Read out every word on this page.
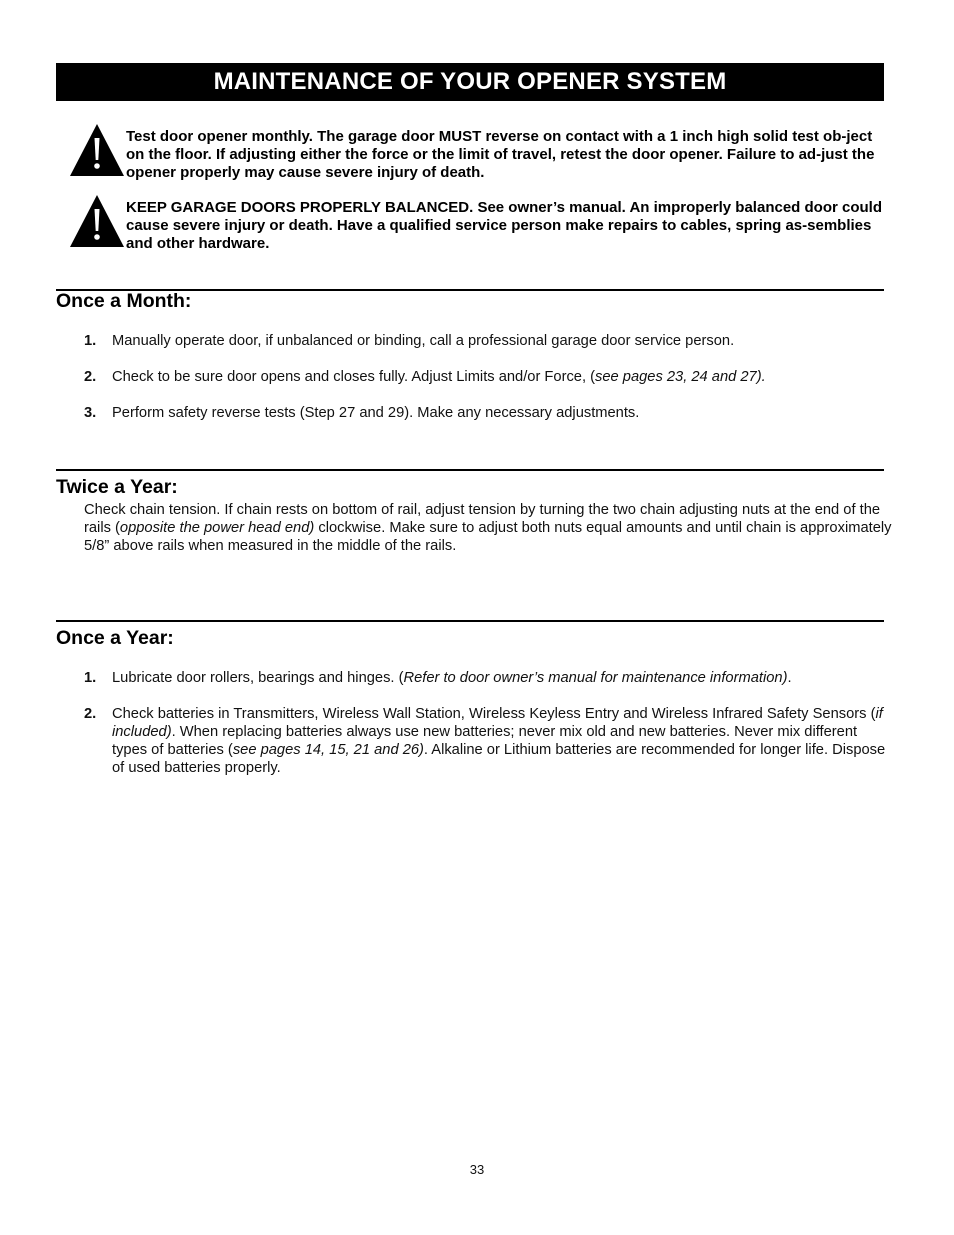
MAINTENANCE OF YOUR OPENER SYSTEM
Test door opener monthly. The garage door MUST reverse on contact with a 1 inch high solid test ob-ject on the floor. If adjusting either the force or the limit of travel, retest the door opener. Failure to ad-just the opener properly may cause severe injury of death.
KEEP GARAGE DOORS PROPERLY BALANCED. See owner’s manual. An improperly balanced door could cause severe injury or death. Have a qualified service person make repairs to cables, spring as-semblies and other hardware.
Once a Month:
1. Manually operate door, if unbalanced or binding, call a professional garage door service person.
2. Check to be sure door opens and closes fully. Adjust Limits and/or Force, (see pages 23, 24 and 27).
3. Perform safety reverse tests (Step 27 and 29). Make any necessary adjustments.
Twice a Year:
Check chain tension. If chain rests on bottom of rail, adjust tension by turning the two chain adjusting nuts at the end of the rails (opposite the power head end) clockwise. Make sure to adjust both nuts equal amounts and until chain is approximately 5/8” above rails when measured in the middle of the rails.
Once a Year:
1. Lubricate door rollers, bearings and hinges. (Refer to door owner’s manual for maintenance information).
2. Check batteries in Transmitters, Wireless Wall Station, Wireless Keyless Entry and Wireless Infrared Safety Sensors (if included). When replacing batteries always use new batteries; never mix old and new batteries. Never mix different types of batteries (see pages 14, 15, 21 and 26). Alkaline or Lithium batteries are recommended for longer life. Dispose of used batteries properly.
33
